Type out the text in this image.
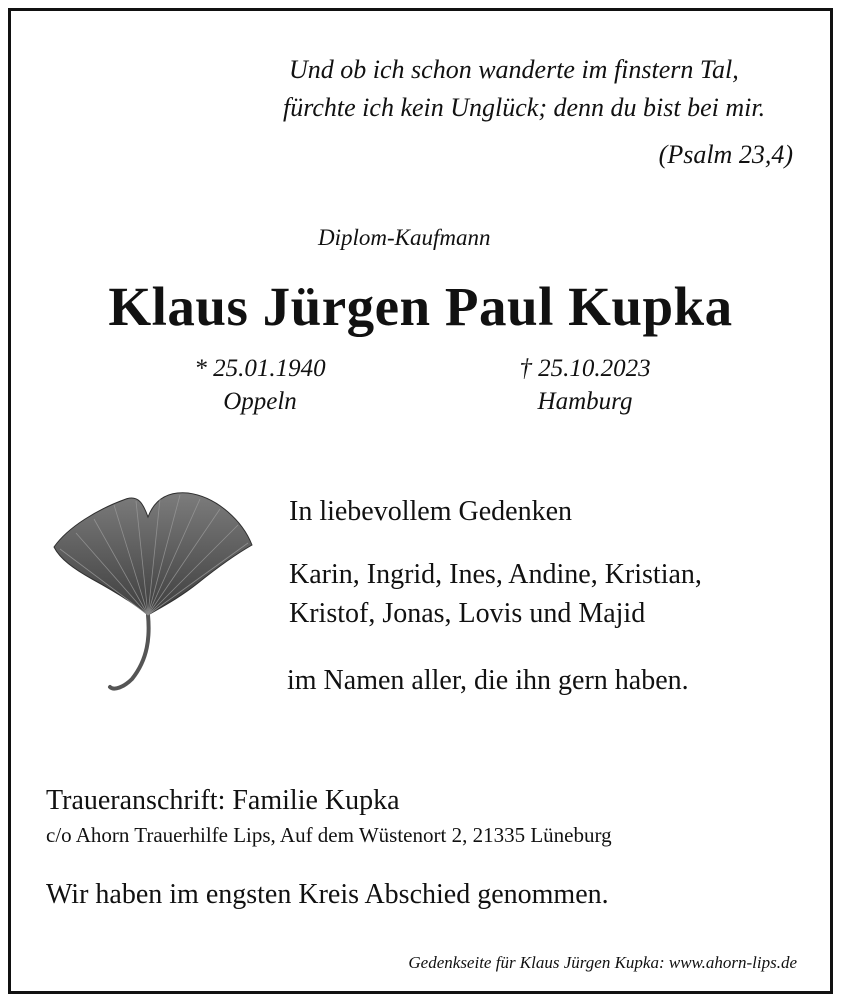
Und ob ich schon wanderte im finstern Tal,
fürchte ich kein Unglück; denn du bist bei mir.
(Psalm 23,4)
Diplom-Kaufmann
Klaus Jürgen Paul Kupka
* 25.01.1940
Oppeln
† 25.10.2023
Hamburg
In liebevollem Gedenken
Karin, Ingrid, Ines, Andine, Kristian,
Kristof, Jonas, Lovis und Majid
im Namen aller, die ihn gern haben.
Traueranschrift: Familie Kupka
c/o Ahorn Trauerhilfe Lips, Auf dem Wüstenort 2, 21335 Lüneburg
Wir haben im engsten Kreis Abschied genommen.
Gedenkseite für Klaus Jürgen Kupka: www.ahorn-lips.de
